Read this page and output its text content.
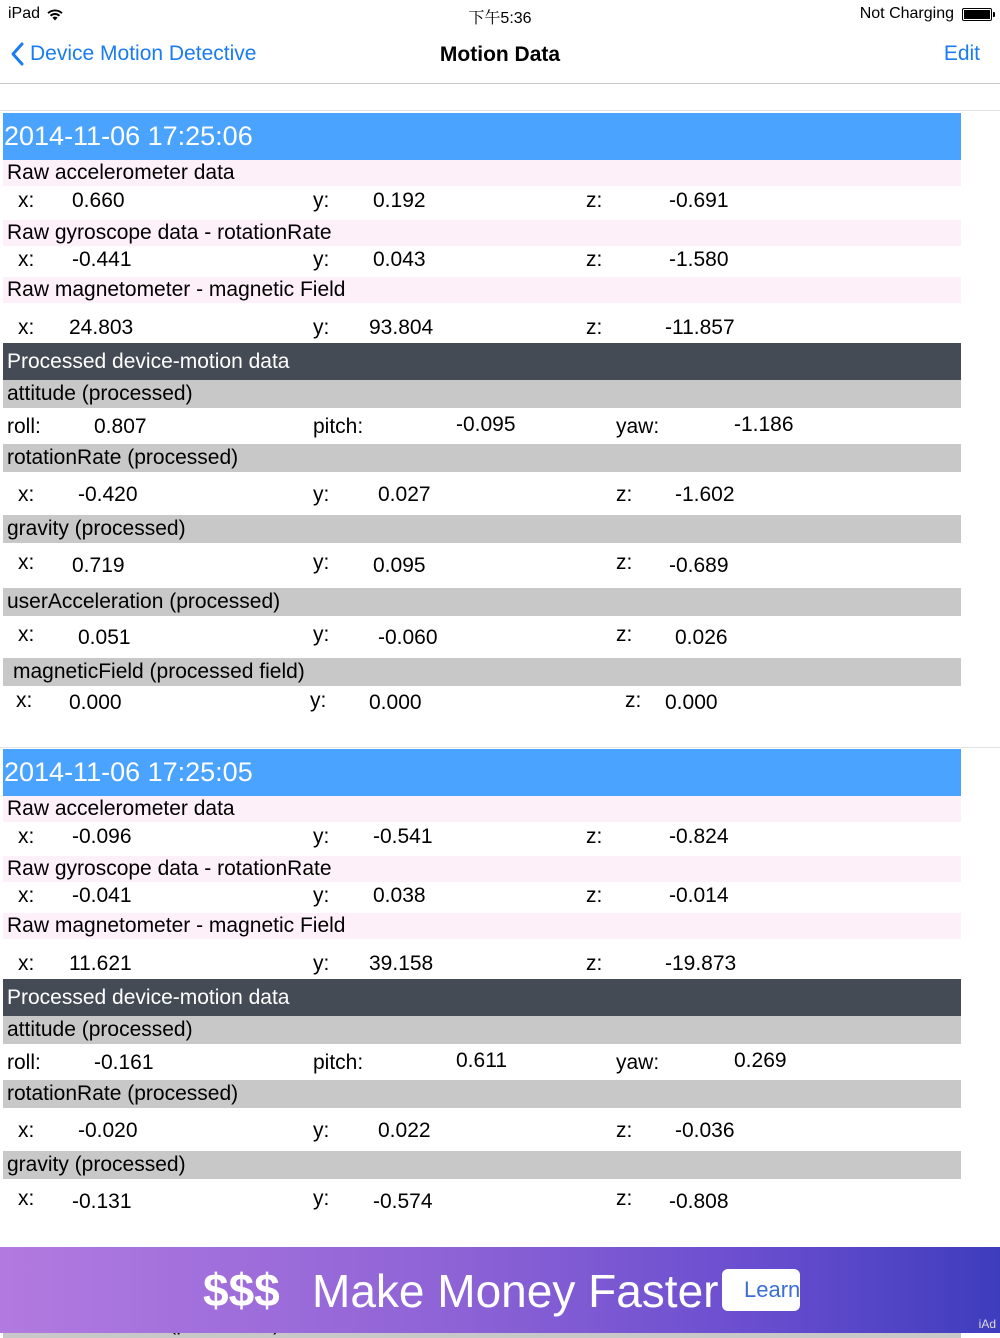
iPad	下午5:36	Not Charging
Device Motion Detective	Motion Data	Edit
2014-11-06 17:25:06
Raw accelerometer data
x: 0.660	y: 0.192	z:	-0.691
Raw gyroscope data - rotationRate
x: -0.441	y: 0.043	z:	-1.580
Raw magnetometer - magnetic Field
x: 24.803	y: 93.804	z:	-11.857
Processed device-motion data
attitude (processed)
roll:	0.807	pitch:	-0.095	yaw:	-1.186
rotationRate (processed)
x: -0.420	y: 0.027	z: -1.602
gravity (processed)
x: 0.719	y: 0.095	z: -0.689
userAcceleration (processed)
x: 0.051	y: -0.060	z: 0.026
magneticField (processed field)
x: 0.000	y: 0.000	z: 0.000
2014-11-06 17:25:05
Raw accelerometer data
x: -0.096	y: -0.541	z:	-0.824
Raw gyroscope data - rotationRate
x: -0.041	y: 0.038	z:	-0.014
Raw magnetometer - magnetic Field
x: 11.621	y: 39.158	z:	-19.873
Processed device-motion data
attitude (processed)
roll:	-0.161	pitch:	0.611	yaw:	0.269
rotationRate (processed)
x: -0.020	y: 0.022	z: -0.036
gravity (processed)
x: -0.131	y: -0.574	z: -0.808
$$$ Make Money Faster	Learn
iAd
